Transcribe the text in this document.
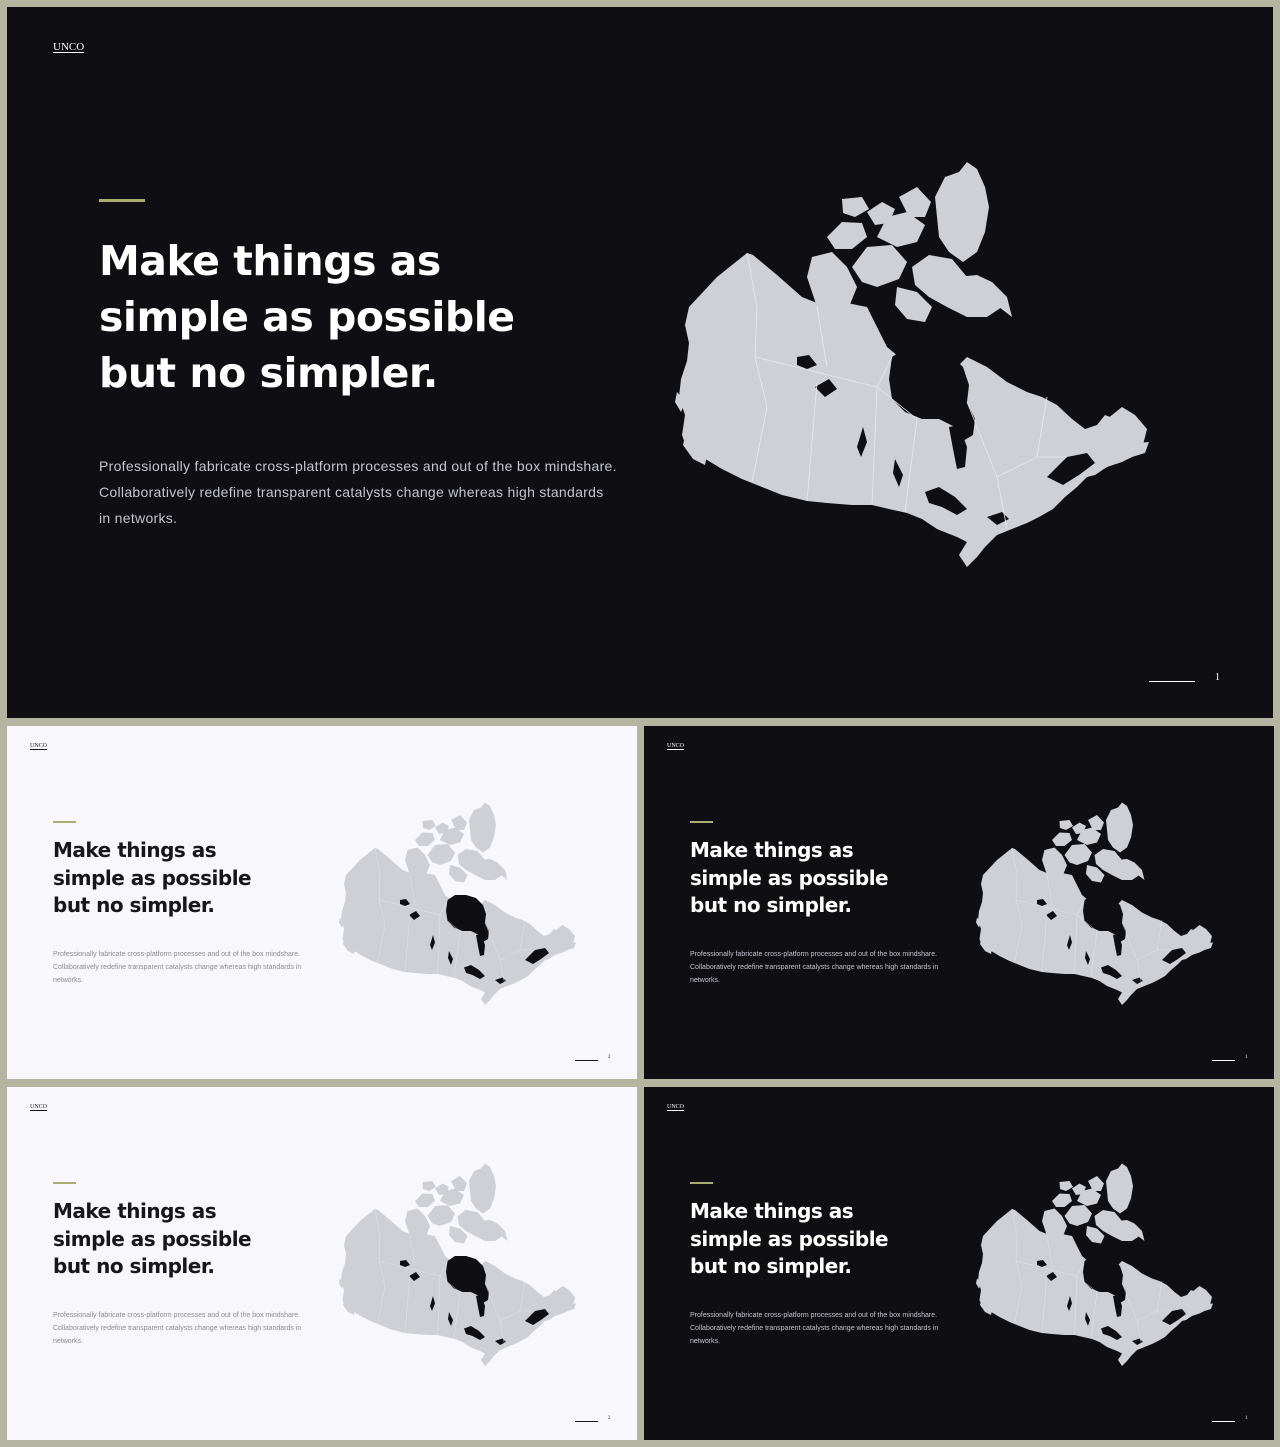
UNCO
Make things as
simple as possible
but no simpler.

Professionally fabricate cross-platform processes and out of the box mindshare. Collaboratively redefine transparent catalysts change whereas high standards in networks.

1
UNCO
Make things as
simple as possible
but no simpler.

Professionally fabricate cross-platform processes and out of the box mindshare. Collaboratively redefine transparent catalysts change whereas high standards in networks.

2
UNCO
Make things as
simple as possible
but no simpler.

Professionally fabricate cross-platform processes and out of the box mindshare. Collaboratively redefine transparent catalysts change whereas high standards in networks.

1
UNCO
Make things as
simple as possible
but no simpler.

Professionally fabricate cross-platform processes and out of the box mindshare. Collaboratively redefine transparent catalysts change whereas high standards in networks.

2
UNCO
Make things as
simple as possible
but no simpler.

Professionally fabricate cross-platform processes and out of the box mindshare. Collaboratively redefine transparent catalysts change whereas high standards in networks.

1
